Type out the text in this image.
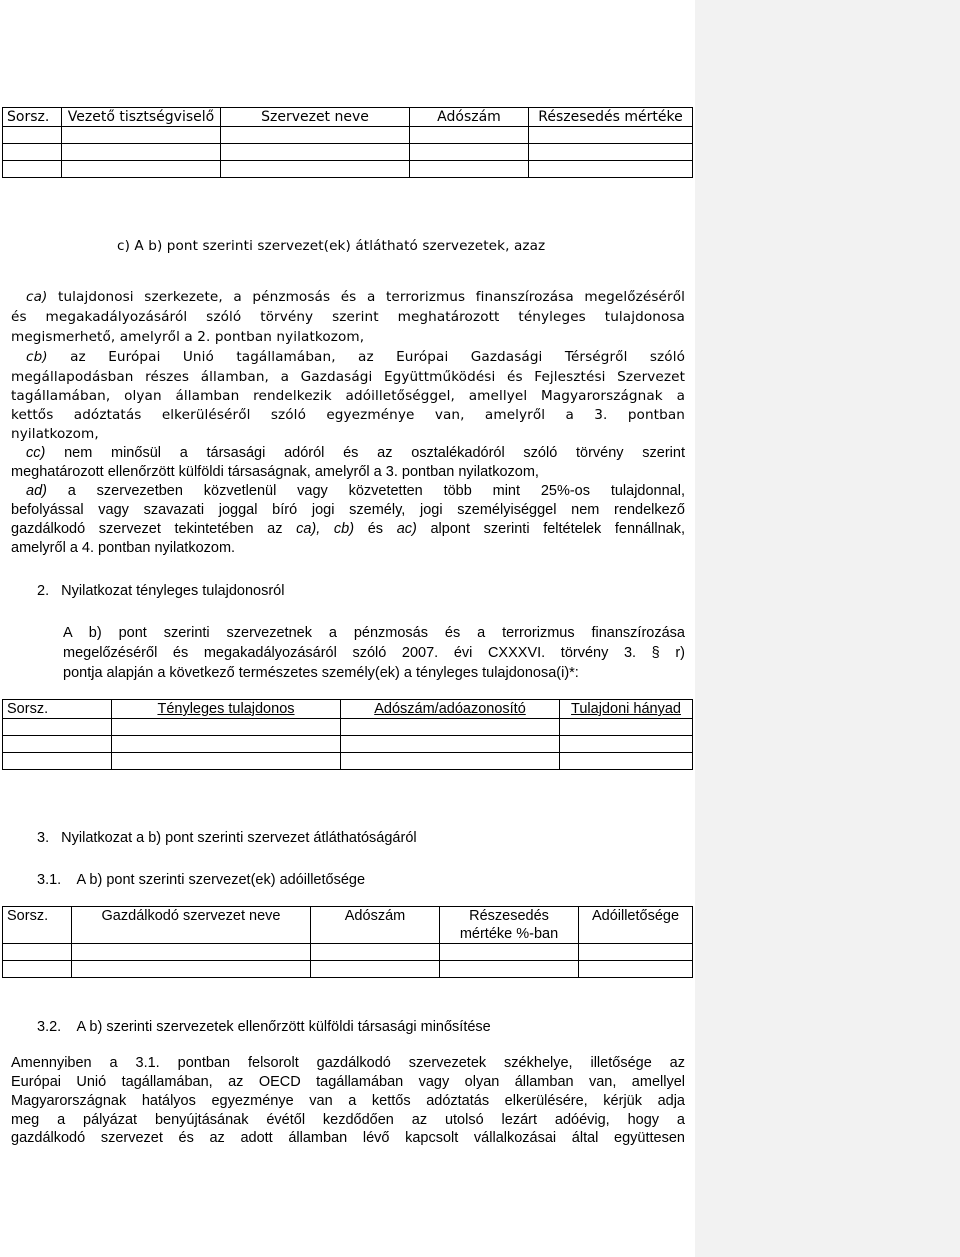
Sorsz.	Vezető tisztségviselő	Szervezet neve	Adószám	Részesedés mértéke

c) A b) pont szerinti szervezet(ek) átlátható szervezetek, azaz
ca) tulajdonosi szerkezete, a pénzmosás és a terrorizmus finanszírozása megelőzéséről
és megakadályozásáról szóló törvény szerint meghatározott tényleges tulajdonosa
megismerhető, amelyről a 2. pontban nyilatkozom,
cb) az Európai Unió tagállamában, az Európai Gazdasági Térségről szóló
megállapodásban részes államban, a Gazdasági Együttműködési és Fejlesztési Szervezet
tagállamában, olyan államban rendelkezik adóilletőséggel, amellyel Magyarországnak a
kettős adóztatás elkerüléséről szóló egyezménye van, amelyről a 3. pontban
nyilatkozom,
cc) nem minősül a társasági adóról és az osztalékadóról szóló törvény szerint
meghatározott ellenőrzött külföldi társaságnak, amelyről a 3. pontban nyilatkozom,
ad) a szervezetben közvetlenül vagy közvetetten több mint 25%-os tulajdonnal,
befolyással vagy szavazati joggal bíró jogi személy, jogi személyiséggel nem rendelkező
gazdálkodó szervezet tekintetében az ca), cb) és ac) alpont szerinti feltételek fennállnak,
amelyről a 4. pontban nyilatkozom.
2.   Nyilatkozat tényleges tulajdonosról
A b) pont szerinti szervezetnek a pénzmosás és a terrorizmus finanszírozása
megelőzéséről és megakadályozásáról szóló 2007. évi CXXXVI. törvény 3. § r)
pontja alapján a következő természetes személy(ek) a tényleges tulajdonosa(i)*:
Sorsz.	Tényleges tulajdonos	Adószám/adóazonosító	Tulajdoni hányad

3.   Nyilatkozat a b) pont szerinti szervezet átláthatóságáról
3.1.    A b) pont szerinti szervezet(ek) adóilletősége
Sorsz.	Gazdálkodó szervezet neve	Adószám	Részesedés mértéke %-ban	Adóilletősége

3.2.    A b) szerinti szervezetek ellenőrzött külföldi társasági minősítése
Amennyiben a 3.1. pontban felsorolt gazdálkodó szervezetek székhelye, illetősége az
Európai Unió tagállamában, az OECD tagállamában vagy olyan államban van, amellyel
Magyarországnak hatályos egyezménye van a kettős adóztatás elkerülésére, kérjük adja
meg a pályázat benyújtásának évétől kezdődően az utolsó lezárt adóévig, hogy a
gazdálkodó szervezet és az adott államban lévő kapcsolt vállalkozásai által együttesen
